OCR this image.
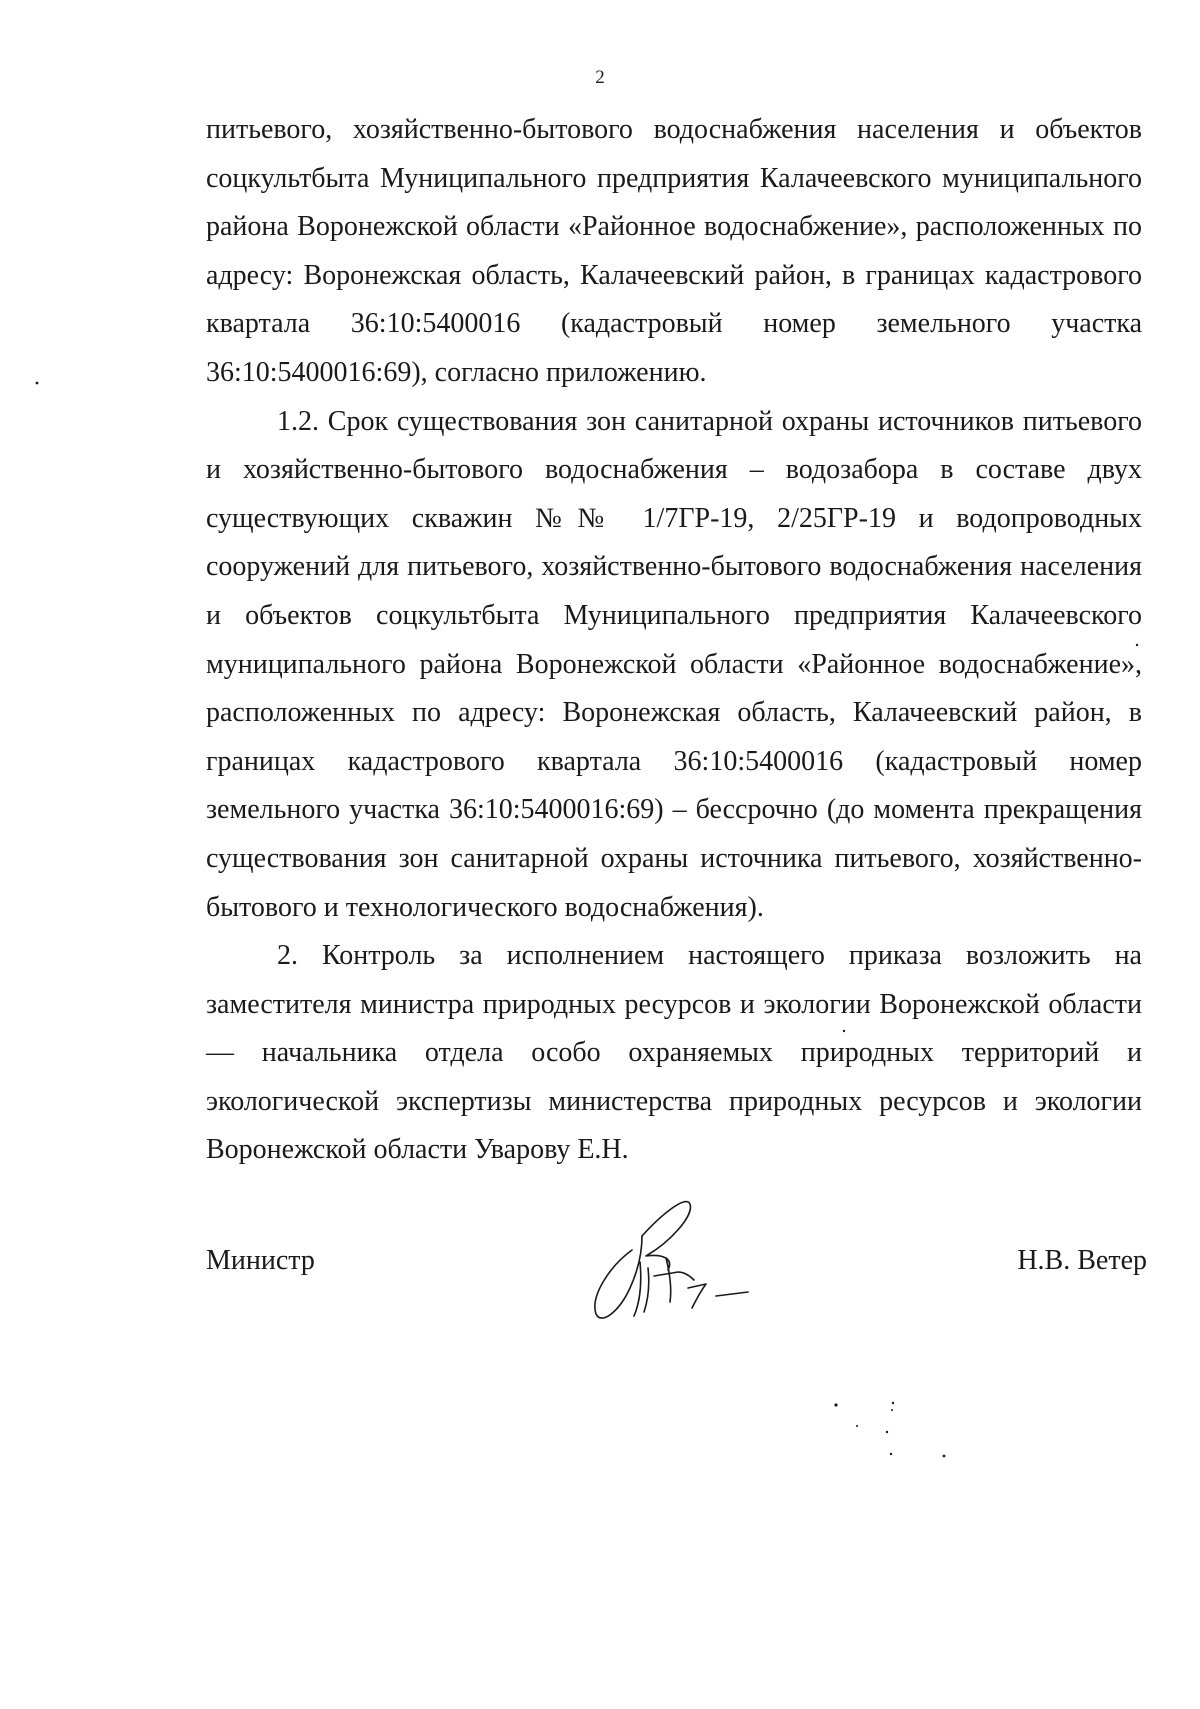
2

питьевого, хозяйственно-бытового водоснабжения населения и объектов соцкультбыта Муниципального предприятия Калачеевского муниципального района Воронежской области «Районное водоснабжение», расположенных по адресу: Воронежская область, Калачеевский район, в границах кадастрового квартала 36:10:5400016 (кадастровый номер земельного участка 36:10:5400016:69), согласно приложению.

1.2. Срок существования зон санитарной охраны источников питьевого и хозяйственно-бытового водоснабжения – водозабора в составе двух существующих скважин №№ 1/7ГР-19, 2/25ГР-19 и водопроводных сооружений для питьевого, хозяйственно-бытового водоснабжения населения и объектов соцкультбыта Муниципального предприятия Калачеевского муниципального района Воронежской области «Районное водоснабжение», расположенных по адресу: Воронежская область, Калачеевский район, в границах кадастрового квартала 36:10:5400016 (кадастровый номер земельного участка 36:10:5400016:69) – бессрочно (до момента прекращения существования зон санитарной охраны источника питьевого, хозяйственно-бытового и технологического водоснабжения).

2. Контроль за исполнением настоящего приказа возложить на заместителя министра природных ресурсов и экологии Воронежской области — начальника отдела особо охраняемых природных территорий и экологической экспертизы министерства природных ресурсов и экологии Воронежской области Уварову Е.Н.

Министр	Н.В. Ветер
